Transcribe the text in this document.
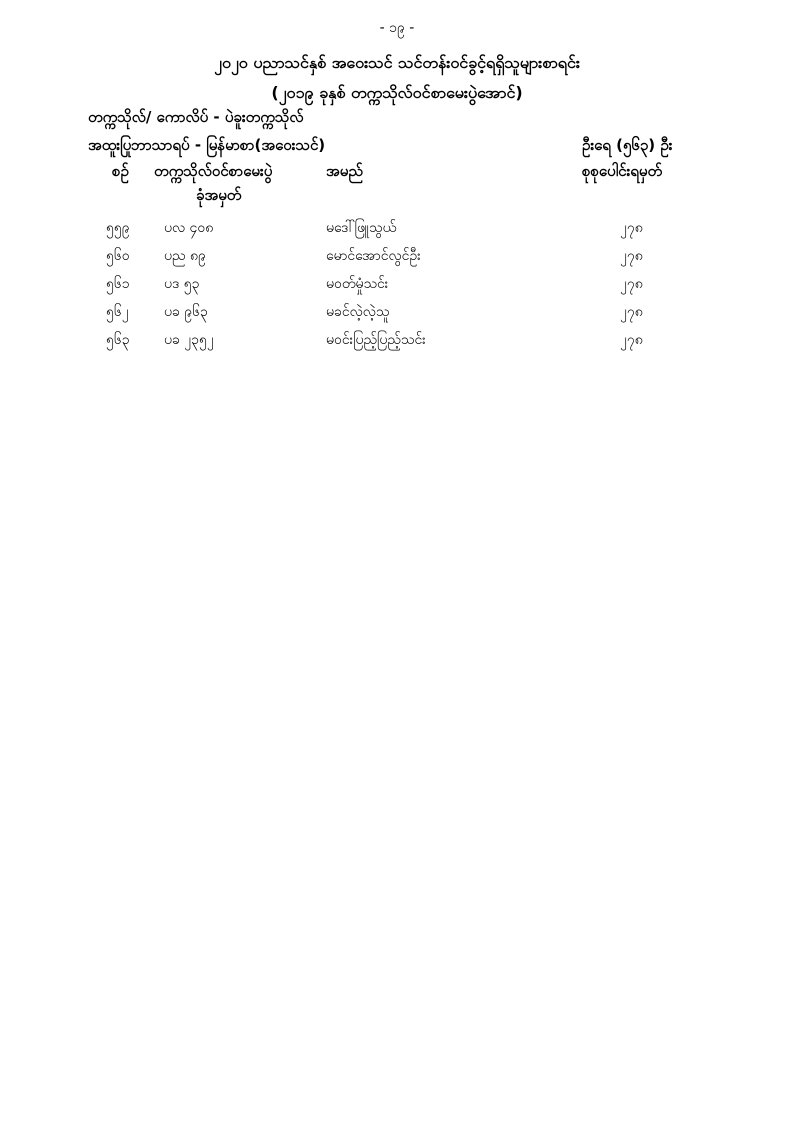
- ၁၉ -
၂၀၂၀ ပညာသင်နှစ် အဝေးသင် သင်တန်းဝင်ခွင့်ရရှိသူများစာရင်း
(၂၀၁၉ ခုနှစ် တက္ကသိုလ်ဝင်စာမေးပွဲအောင်)
တက္ကသိုလ်/ ကောလိပ် - ပဲခူးတက္ကသိုလ်
အထူးပြုဘာသာရပ် - မြန်မာစာ(အဝေးသင်)	ဦးရေ (၅၆၃) ဦး
စဉ် တက္ကသိုလ်ဝင်စာမေးပွဲ
ခုံအမှတ်
အမည်	စုစုပေါင်းရမှတ်
၅၅၉ ပလ ၄၀၈	မဒေါ်ဖြူသွယ်	၂၇၈
၅၆၀ ပည ၈၉	မောင်အောင်လွင်ဦး	၂၇၈
၅၆၁ ပဒ ၅၃	မဝတ်မှုံသင်း	၂၇၈
၅၆၂	ပခ ၉၆၃	မခင်လဲ့လဲ့သူ	၂၇၈
၅၆၃ ပခ ၂၃၅၂	မဝင်းပြည့်ပြည့်သင်း	၂၇၈
